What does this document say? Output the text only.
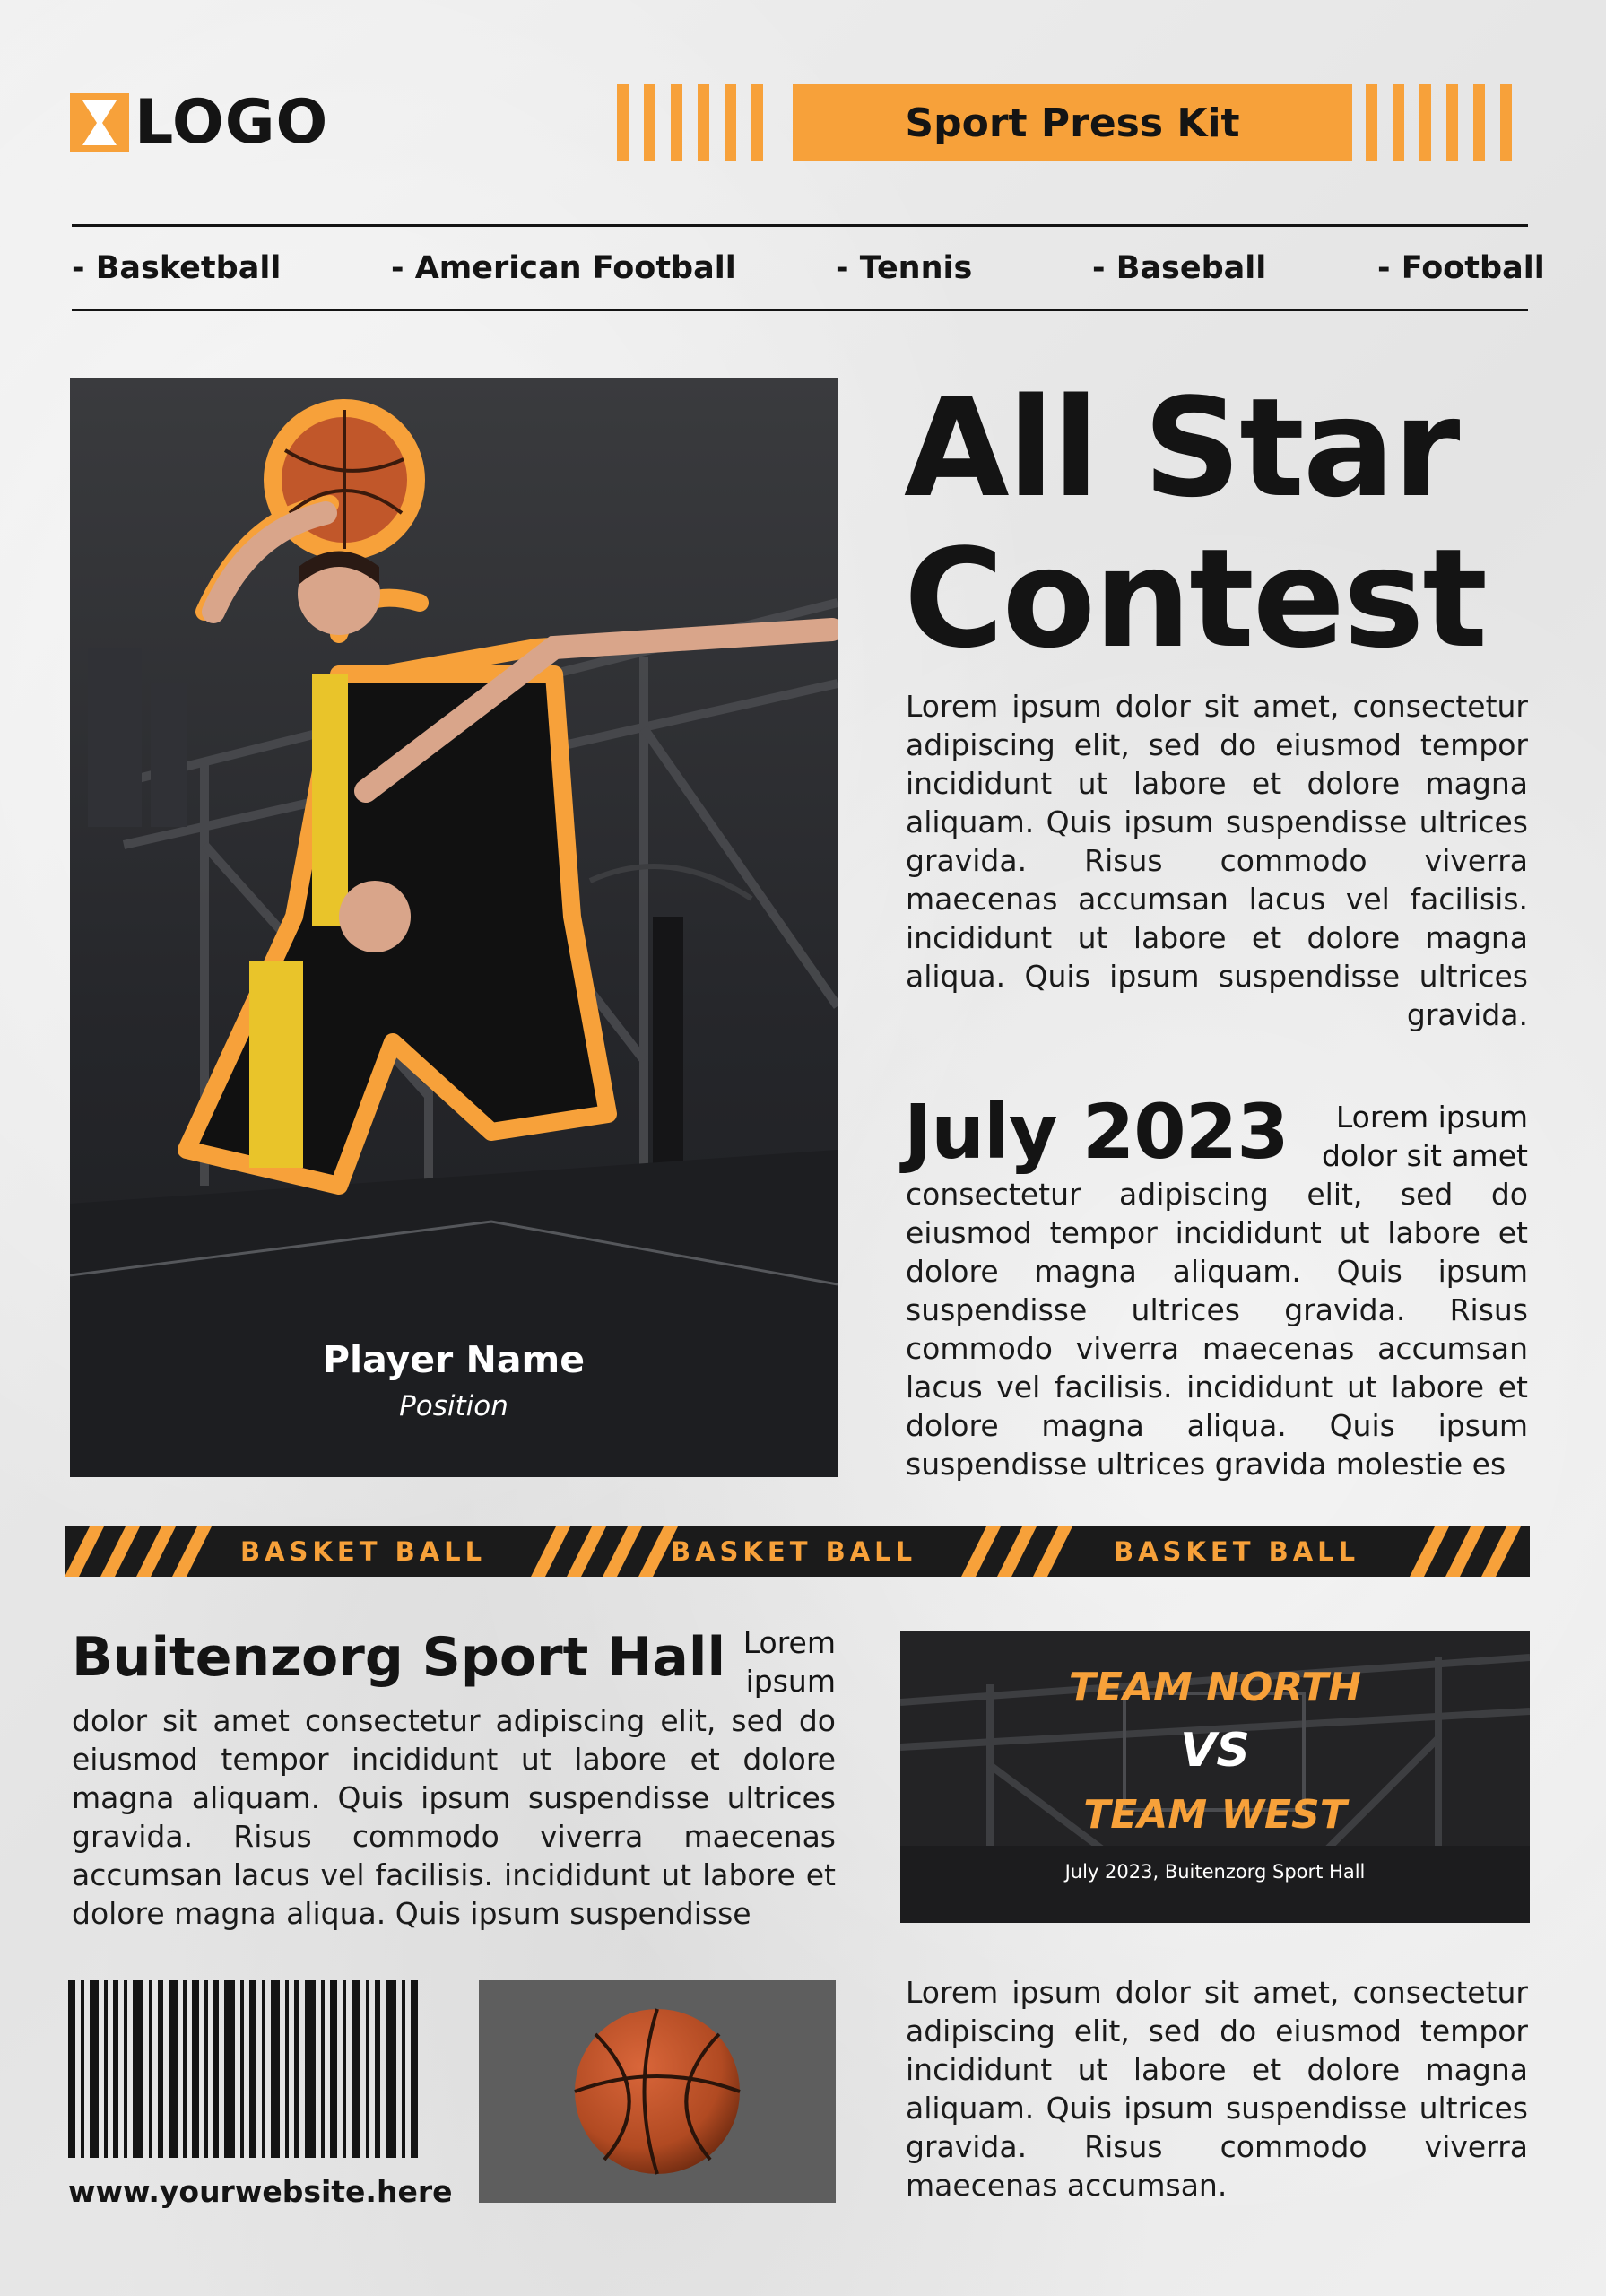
LOGO	Sport Press Kit
- Basketball	- American Football	- Tennis	- Baseball	- Football
Player Name
Position
All Star
Contest
Lorem ipsum dolor sit amet, consectetur adipiscing elit, sed do eiusmod tempor incididunt ut labore et dolore magna aliquam. Quis ipsum suspendisse ultrices gravida. Risus commodo viverra maecenas accumsan lacus vel facilisis. incididunt ut labore et dolore magna aliqua. Quis ipsum suspendisse ultrices gravida.
July 2023	Lorem ipsum dolor sit amet
consectetur adipiscing elit, sed do eiusmod tempor incididunt ut labore et dolore magna aliquam. Quis ipsum suspendisse ultrices gravida. Risus commodo viverra maecenas accumsan lacus vel facilisis. incididunt ut labore et dolore magna aliqua. Quis ipsum suspendisse ultrices gravida molestie es
BASKET BALL	BASKET BALL	BASKET BALL
Buitenzorg Sport Hall Lorem ipsum
dolor sit amet consectetur adipiscing elit, sed do eiusmod tempor incididunt ut labore et dolore magna aliquam. Quis ipsum suspendisse ultrices gravida. Risus commodo viverra maecenas accumsan lacus vel facilisis. incididunt ut labore et dolore magna aliqua. Quis ipsum suspendisse
TEAM NORTH
VS
TEAM WEST
July 2023, Buitenzorg Sport Hall
www.yourwebsite.here
Lorem ipsum dolor sit amet, consectetur adipiscing elit, sed do eiusmod tempor incididunt ut labore et dolore magna aliquam. Quis ipsum suspendisse ultrices gravida. Risus commodo viverra maecenas accumsan.
